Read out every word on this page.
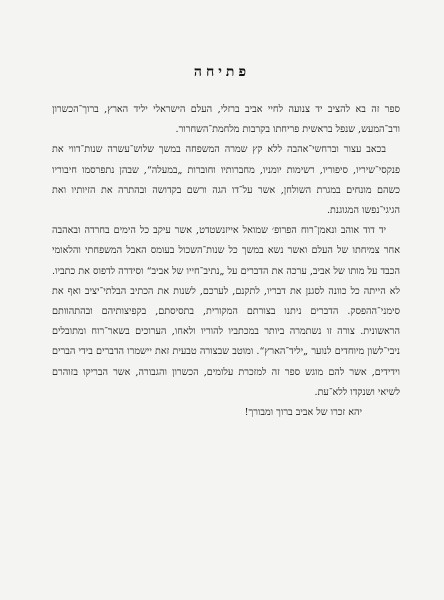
פתיחה

ספר זה בא להציב יד צנועה לחיי אביב ברזלי, העלם הישראלי יליד הארץ, ברוך־הכשרון ורב־המעש, שנפל בראשית פריחתו בקרבות מלחמת־השחרור.

בכאב עצור וברחשי־אהבה ללא קץ שמרה המשפחה במשך שלוש־עשרה שנות־דווי את פנקסי־שיריו, סיפוריו, רשימות יומניו, מחברותיו וחוברות „במעלה“, שבהן נתפרסמו חיבוריו כשהם מונחים במגרת השולחן, אשר על־דו הגה ורשם בקדושה ובהתרה את הזיותיו ואת הגיגי־נפשו המגוגנת.

יד דוד אוהב ונאמן־רוח הפרופ׳ שמואל אייזנשטדט, אשר עיקב כל הימים בחרדה ובאהבה אחר צמיחתו של העלם ואשר נשא במשך כל שנות־השכול בעומס האבל המשפחתי והלאומי הכבד על מותו של אביב, ערכה את הדברים על „נתיב־חייו של אביב“ וסידרה לדפוס את כתביו. לא הייתה כל כוונה לסגנן את דבריו, לתקנם, לערכם, לשנות את הכתיב הבלתי־יציב ואף את סימני־ההפסק. הדברים ניתנו בצורתם המקורית, בתסיסתם, בקפיצותיהם ובהתהוותם הראשונית. צורה זו נשתמרה ביותר במכתביו להוריו ולאחו, הערוכים בשאר־רוח ומתובלים ניבי־לשון מיוחדים לנוער „יליד־הארץ“. ומוטב שבצורה טבעית זאת יישמרו הדברים בידי הברים וידידים, אשר להם מוגש ספר זה למזכרת עלומים, הכשרון והגבורה, אשר הבריקו בזוהרם לשיאי ושנקדו ללא־עת.

יהא זכרו של אביב ברוך ומבורך!
